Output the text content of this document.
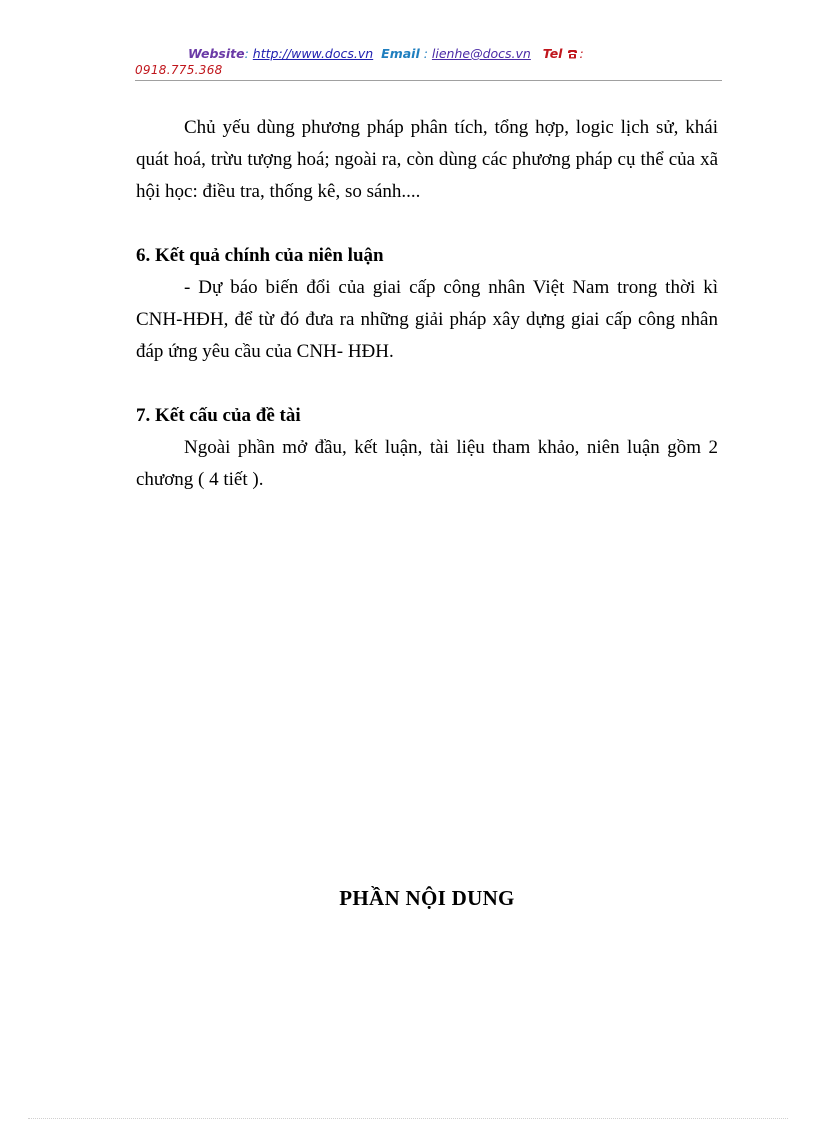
Website: http://www.docs.vn Email : lienhe@docs.vn Tel :
0918.775.368

Chủ yếu dùng phương pháp phân tích, tổng hợp, logic lịch sử, khái quát hoá, trừu tượng hoá; ngoài ra, còn dùng các phương pháp cụ thể của xã hội học: điều tra, thống kê, so sánh....

6. Kết quả chính của niên luận

- Dự báo biến đổi của giai cấp công nhân Việt Nam trong thời kì CNH-HĐH, để từ đó đưa ra những giải pháp xây dựng giai cấp công nhân đáp ứng yêu cầu của CNH- HĐH.

7. Kết cấu của đề tài

Ngoài phần mở đầu, kết luận, tài liệu tham khảo, niên luận gồm 2 chương ( 4 tiết ).

PHẦN NỘI DUNG
